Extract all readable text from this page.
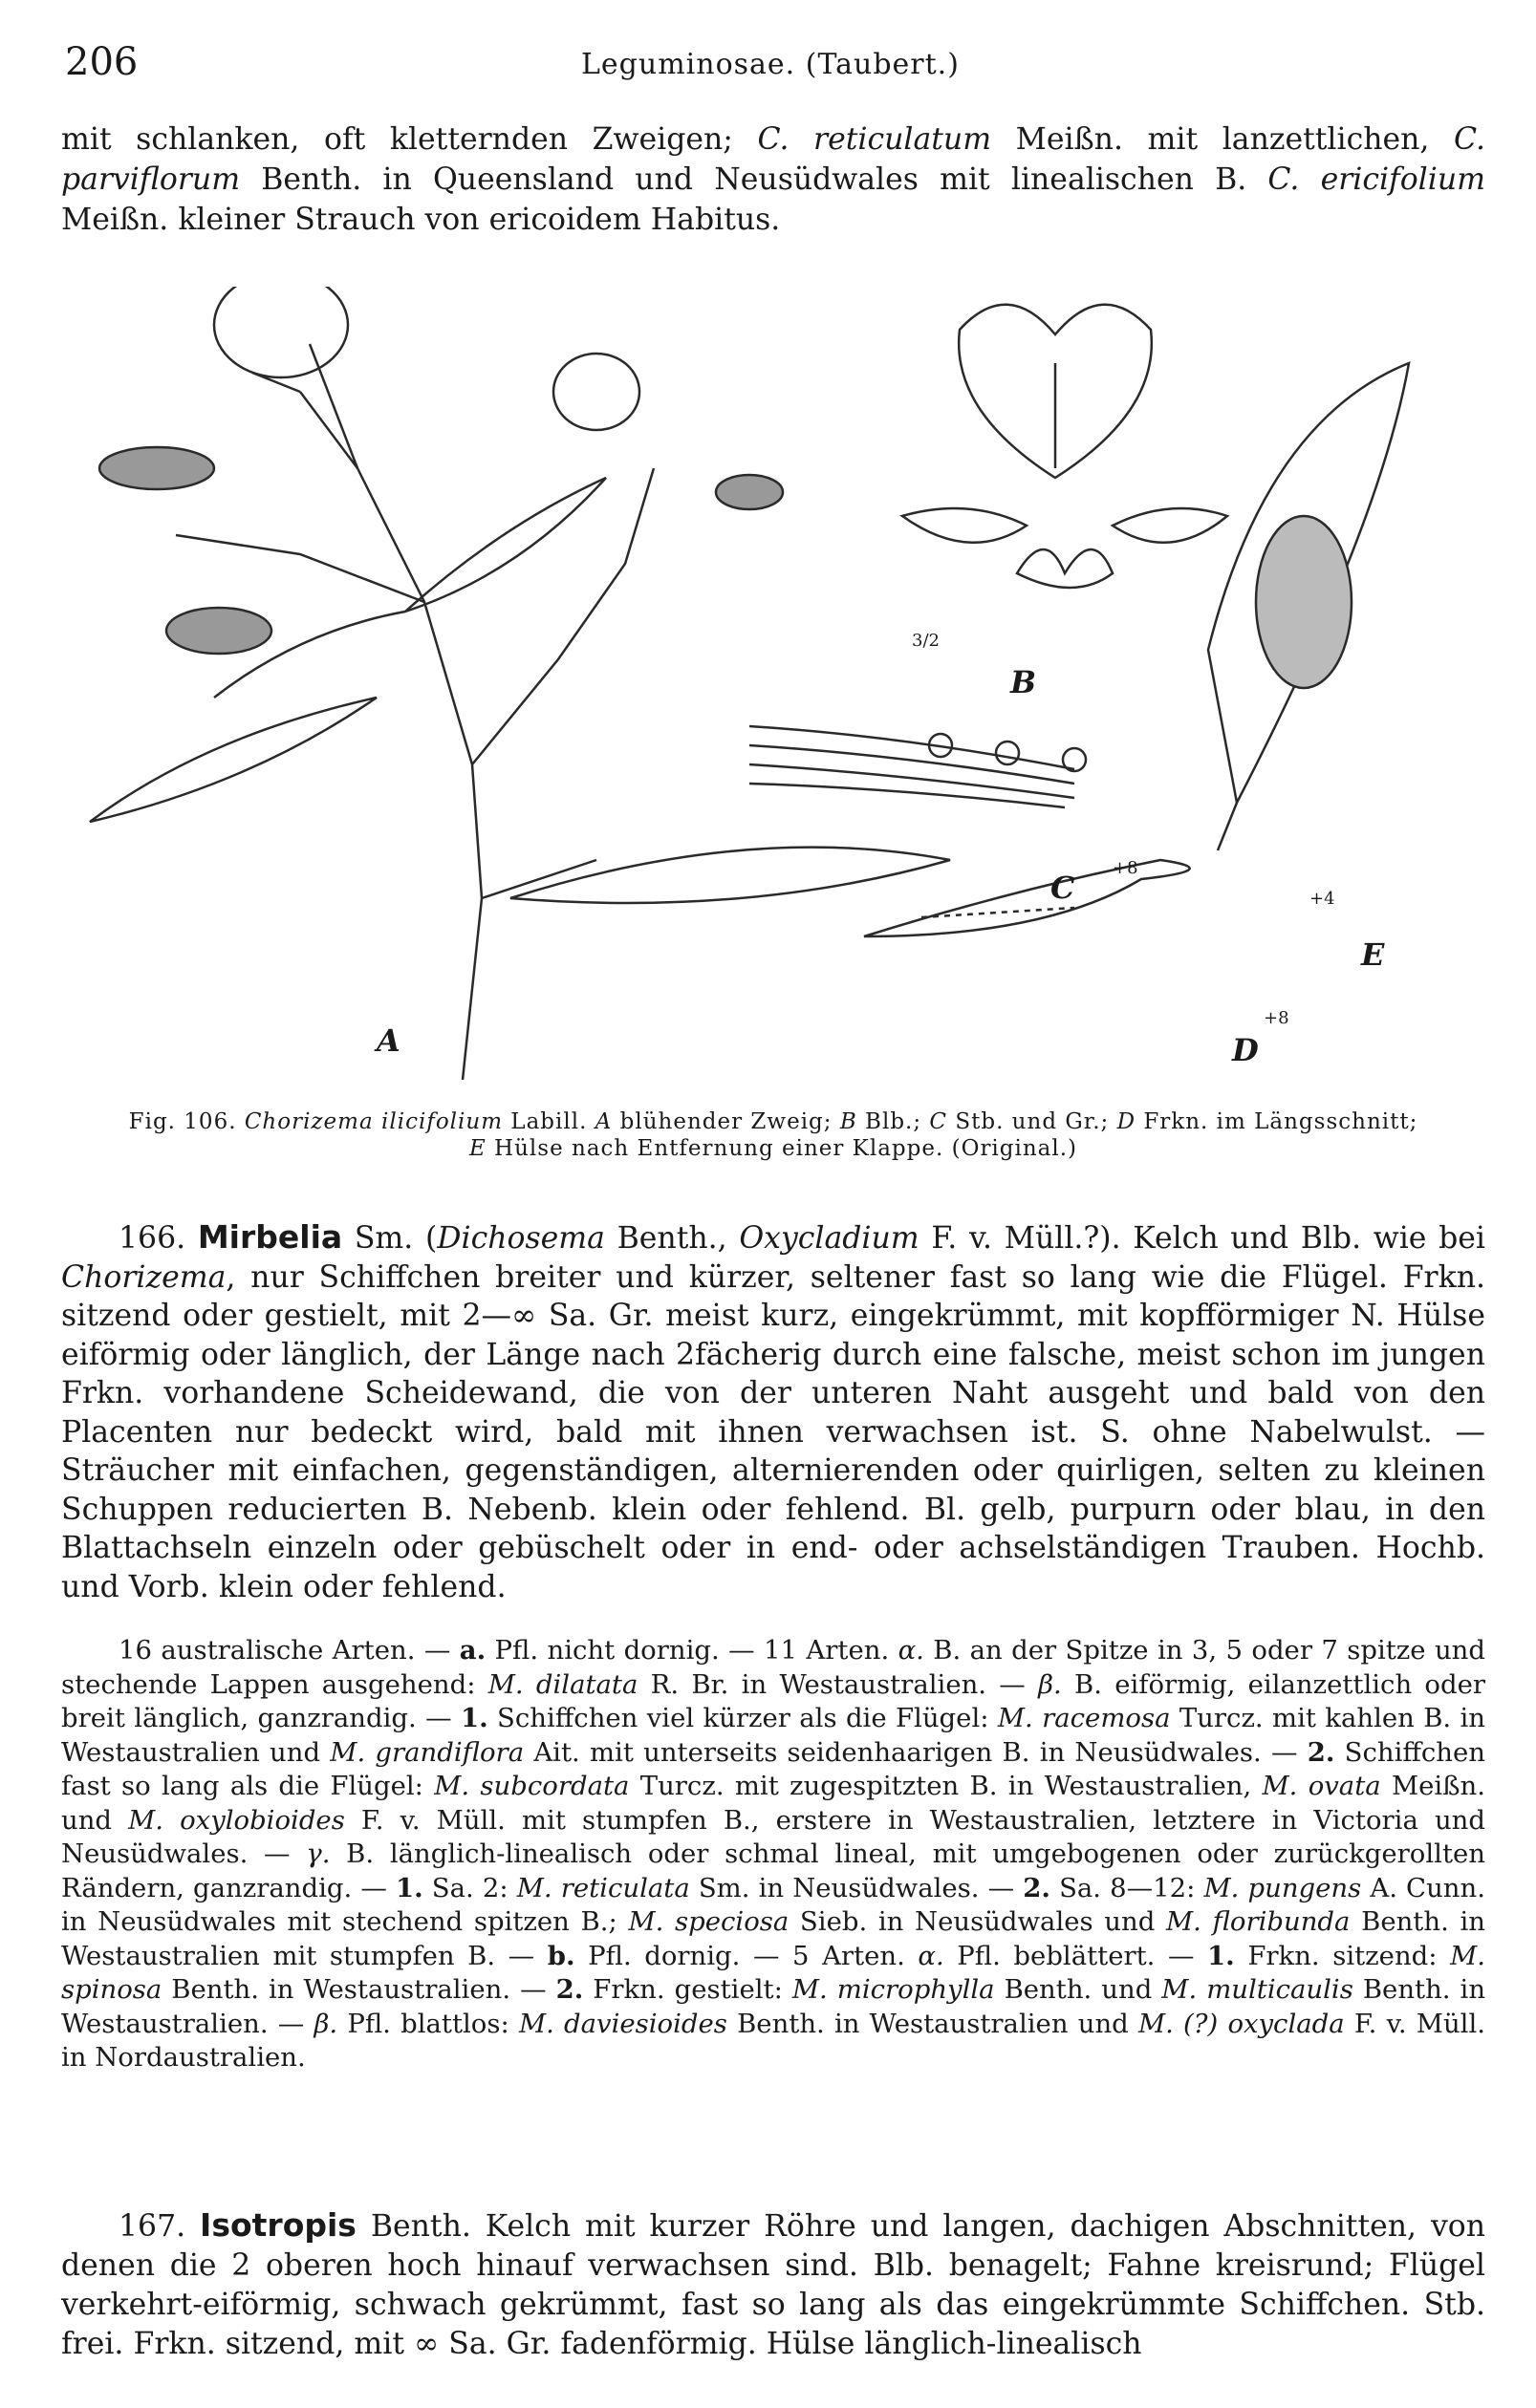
206	Leguminosae. (Taubert.)

mit schlanken, oft kletternden Zweigen; C. reticulatum Meißn. mit lanzettlichen, C. parviflorum Benth. in Queensland und Neusüdwales mit linealischen B. C. ericifolium Meißn. kleiner Strauch von ericoidem Habitus.

A
B
C
D
E
3/2
+8
+8
+4
Fig. 106. Chorizema ilicifolium Labill. A blühender Zweig; B Blb.; C Stb. und Gr.; D Frkn. im Längsschnitt;
E Hülse nach Entfernung einer Klappe. (Original.)

166. Mirbelia Sm. (Dichosema Benth., Oxycladium F. v. Müll.?). Kelch und Blb. wie bei Chorizema, nur Schiffchen breiter und kürzer, seltener fast so lang wie die Flügel. Frkn. sitzend oder gestielt, mit 2—∞ Sa. Gr. meist kurz, eingekrümmt, mit kopfförmiger N. Hülse eiförmig oder länglich, der Länge nach 2fächerig durch eine falsche, meist schon im jungen Frkn. vorhandene Scheidewand, die von der unteren Naht ausgeht und bald von den Placenten nur bedeckt wird, bald mit ihnen verwachsen ist. S. ohne Nabelwulst. — Sträucher mit einfachen, gegenständigen, alternierenden oder quirligen, selten zu kleinen Schuppen reducierten B. Nebenb. klein oder fehlend. Bl. gelb, purpurn oder blau, in den Blattachseln einzeln oder gebüschelt oder in end- oder achselständigen Trauben. Hochb. und Vorb. klein oder fehlend.

16 australische Arten. — a. Pfl. nicht dornig. — 11 Arten. α. B. an der Spitze in 3, 5 oder 7 spitze und stechende Lappen ausgehend: M. dilatata R. Br. in Westaustralien. — β. B. eiförmig, eilanzettlich oder breit länglich, ganzrandig. — 1. Schiffchen viel kürzer als die Flügel: M. racemosa Turcz. mit kahlen B. in Westaustralien und M. grandiflora Ait. mit unterseits seidenhaarigen B. in Neusüdwales. — 2. Schiffchen fast so lang als die Flügel: M. subcordata Turcz. mit zugespitzten B. in Westaustralien, M. ovata Meißn. und M. oxylobioides F. v. Müll. mit stumpfen B., erstere in Westaustralien, letztere in Victoria und Neusüdwales. — γ. B. länglich-linealisch oder schmal lineal, mit umgebogenen oder zurückgerollten Rändern, ganzrandig. — 1. Sa. 2: M. reticulata Sm. in Neusüdwales. — 2. Sa. 8—12: M. pungens A. Cunn. in Neusüdwales mit stechend spitzen B.; M. speciosa Sieb. in Neusüdwales und M. floribunda Benth. in Westaustralien mit stumpfen B. — b. Pfl. dornig. — 5 Arten. α. Pfl. beblättert. — 1. Frkn. sitzend: M. spinosa Benth. in Westaustralien. — 2. Frkn. gestielt: M. microphylla Benth. und M. multicaulis Benth. in Westaustralien. — β. Pfl. blattlos: M. daviesioides Benth. in Westaustralien und M. (?) oxyclada F. v. Müll. in Nordaustralien.

167. Isotropis Benth. Kelch mit kurzer Röhre und langen, dachigen Abschnitten, von denen die 2 oberen hoch hinauf verwachsen sind. Blb. benagelt; Fahne kreisrund; Flügel verkehrt-eiförmig, schwach gekrümmt, fast so lang als das eingekrümmte Schiffchen. Stb. frei. Frkn. sitzend, mit ∞ Sa. Gr. fadenförmig. Hülse länglich-linealisch
